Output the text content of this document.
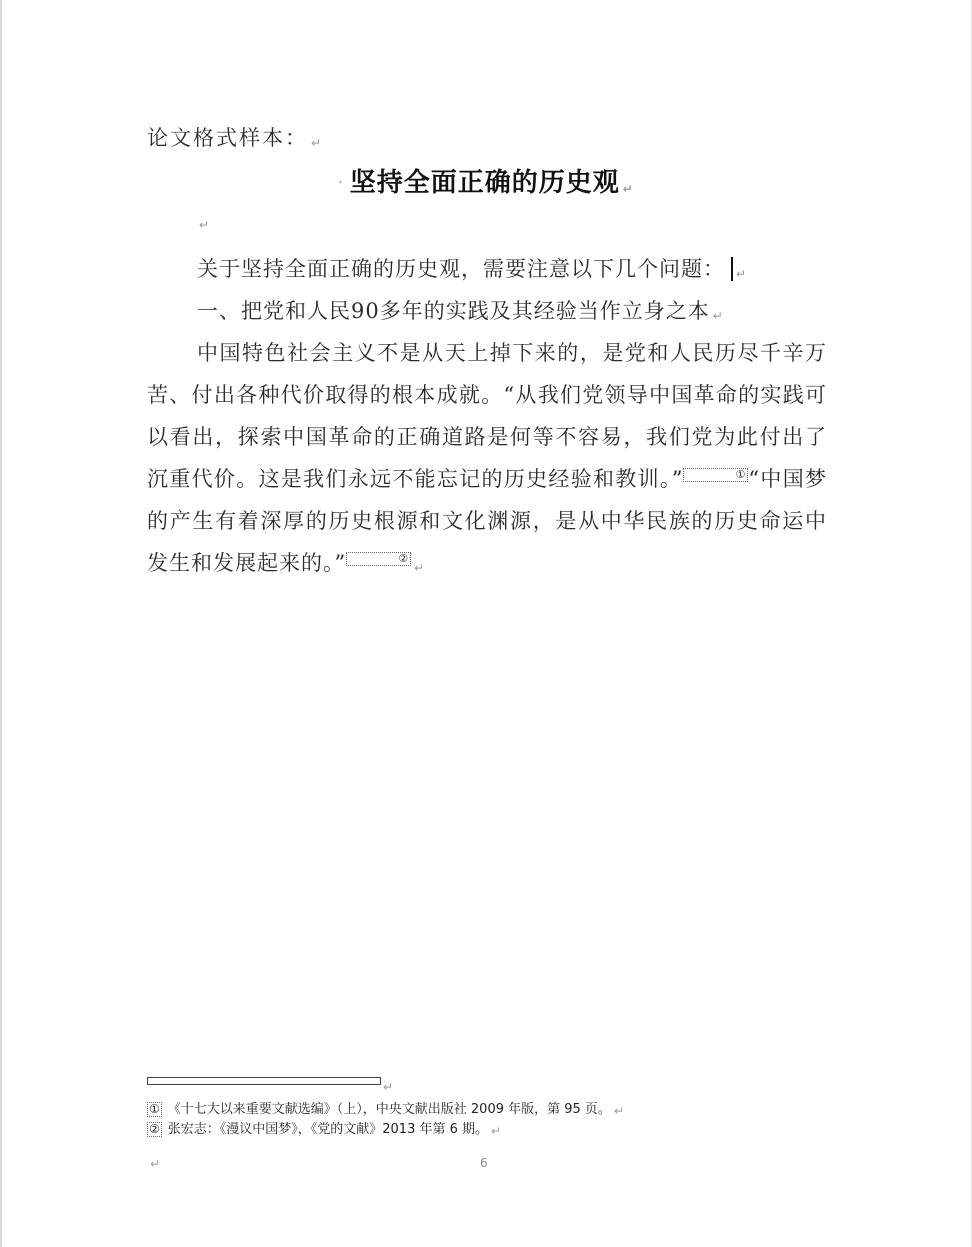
论文格式样本： ↵
· 坚持全面正确的历史观 ↵
↵

关于坚持全面正确的历史观，需要注意以下几个问题： ↵

一、把党和人民90多年的实践及其经验当作立身之本 ↵

中国特色社会主义不是从天上掉下来的，是党和人民历尽千辛万苦、付出各种代价取得的根本成就。“从我们党领导中国革命的实践可以看出，探索中国革命的正确道路是何等不容易，我们党为此付出了沉重代价。这是我们永远不能忘记的历史经验和教训。”	①“中国梦的产生有着深厚的历史根源和文化渊源，是从中华民族的历史命运中发生和发展起来的。”	②↵

↵
① 《十七大以来重要文献选编》（上），中央文献出版社 2009 年版，第 95 页。 ↵
② 张宏志：《漫议中国梦》，《党的文献》2013 年第 6 期。 ↵
↵	6
